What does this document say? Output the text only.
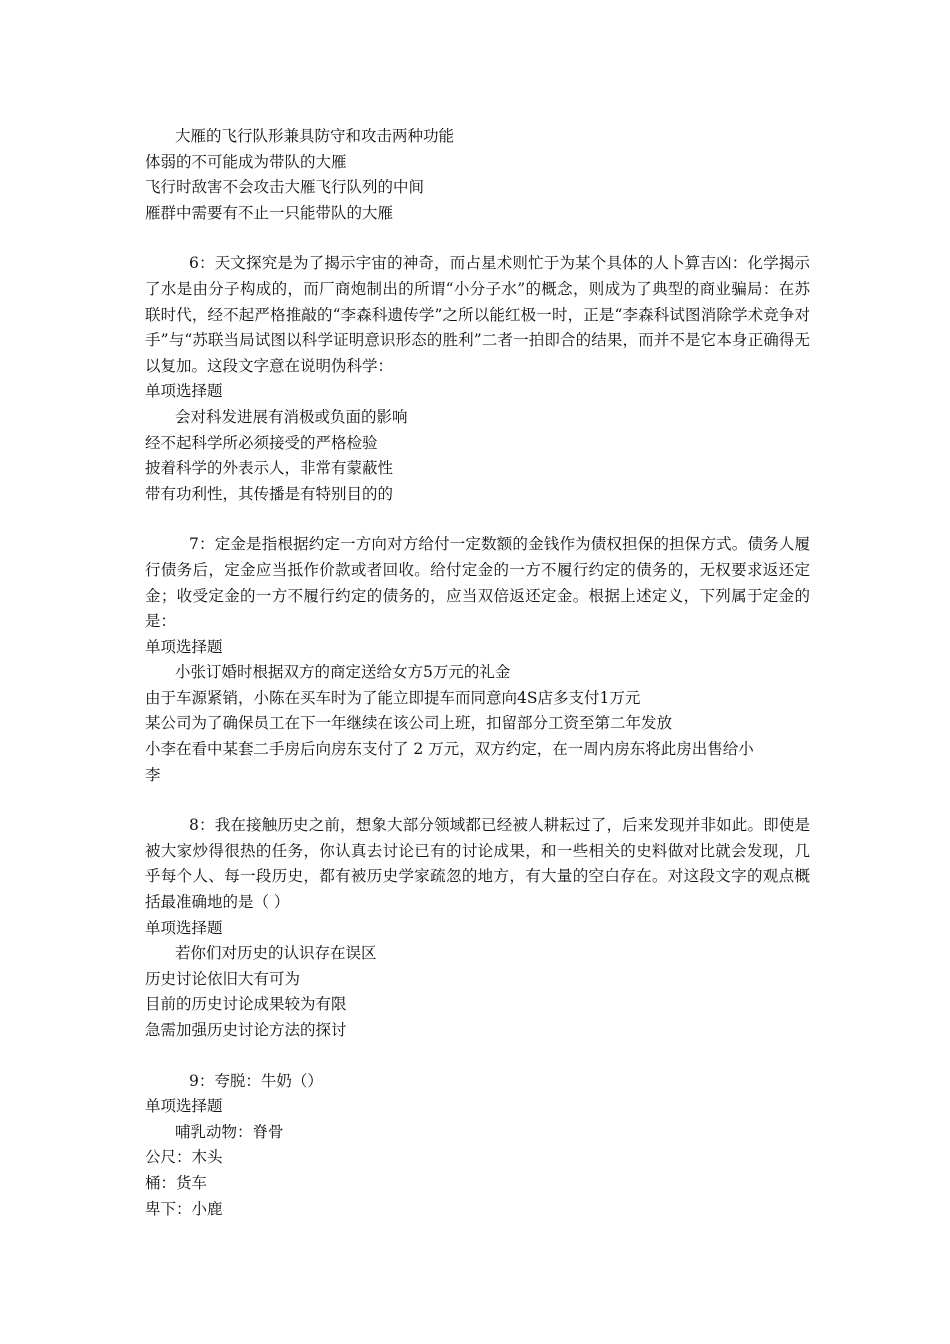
大雁的飞行队形兼具防守和攻击两种功能
体弱的不可能成为带队的大雁
飞行时敌害不会攻击大雁飞行队列的中间
雁群中需要有不止一只能带队的大雁
6：天文探究是为了揭示宇宙的神奇，而占星术则忙于为某个具体的人卜算吉凶：化学揭示了水是由分子构成的，而厂商炮制出的所谓“小分子水”的概念，则成为了典型的商业骗局：在苏联时代，经不起严格推敲的“李森科遗传学”之所以能红极一时，正是“李森科试图消除学术竞争对手”与“苏联当局试图以科学证明意识形态的胜利”二者一拍即合的结果，而并不是它本身正确得无以复加。这段文字意在说明伪科学：
单项选择题
会对科发进展有消极或负面的影响
经不起科学所必须接受的严格检验
披着科学的外表示人，非常有蒙蔽性
带有功利性，其传播是有特别目的的
7：定金是指根据约定一方向对方给付一定数额的金钱作为债权担保的担保方式。债务人履行债务后，定金应当抵作价款或者回收。给付定金的一方不履行约定的债务的，无权要求返还定金；收受定金的一方不履行约定的债务的，应当双倍返还定金。根据上述定义，下列属于定金的是：
单项选择题
小张订婚时根据双方的商定送给女方5万元的礼金
由于车源紧销，小陈在买车时为了能立即提车而同意向4S店多支付1万元
某公司为了确保员工在下一年继续在该公司上班，扣留部分工资至第二年发放
小李在看中某套二手房后向房东支付了 2 万元，双方约定，在一周内房东将此房出售给小
李
8：我在接触历史之前，想象大部分领域都已经被人耕耘过了，后来发现并非如此。即使是被大家炒得很热的任务，你认真去讨论已有的讨论成果，和一些相关的史料做对比就会发现，几乎每个人、每一段历史，都有被历史学家疏忽的地方，有大量的空白存在。对这段文字的观点概括最准确地的是（ ）
单项选择题
若你们对历史的认识存在误区
历史讨论依旧大有可为
目前的历史讨论成果较为有限
急需加强历史讨论方法的探讨
9：夸脱：牛奶（）
单项选择题
哺乳动物：脊骨
公尺：木头
桶：货车
卑下：小鹿
